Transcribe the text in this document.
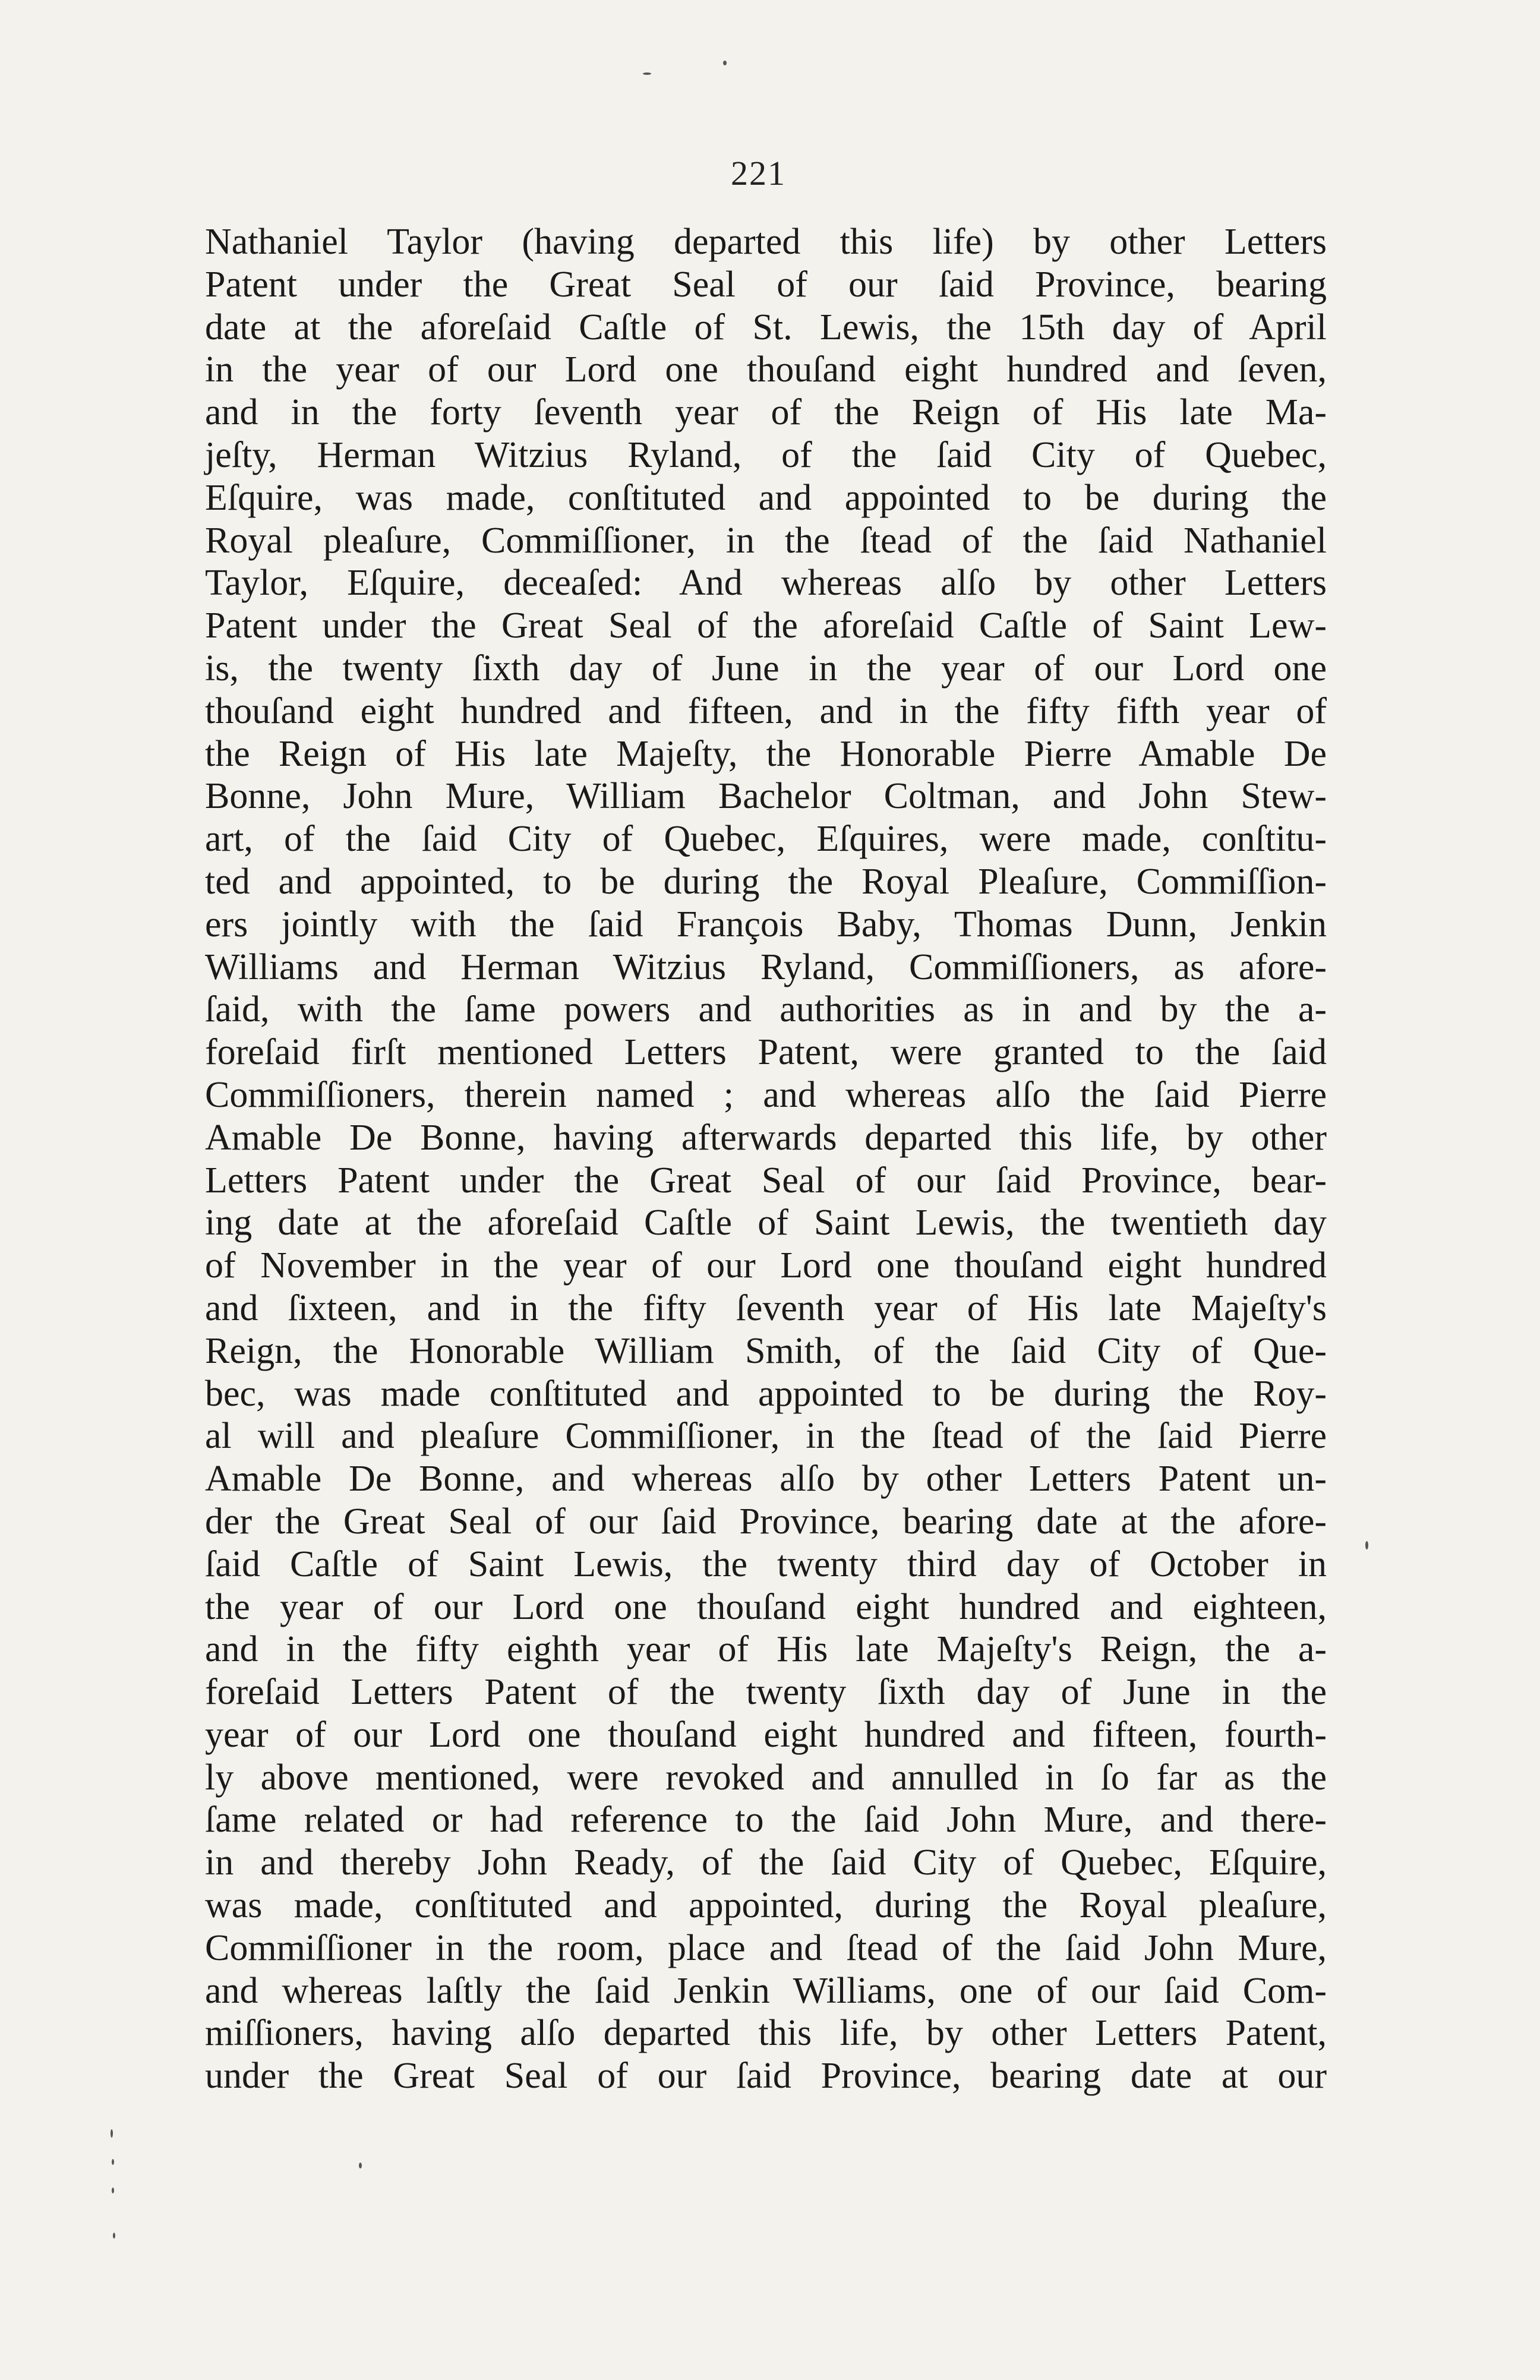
221
Nathaniel Taylor (having departed this life) by other Letters
Patent under the Great Seal of our ſaid Province, bearing
date at the aforeſaid Caſtle of St. Lewis, the 15th day of April
in the year of our Lord one thouſand eight hundred and ſeven,
and in the forty ſeventh year of the Reign of His late Ma-
jeſty, Herman Witzius Ryland, of the ſaid City of Quebec,
Eſquire, was made, conſtituted and appointed to be during the
Royal pleaſure, Commiſſioner, in the ſtead of the ſaid Nathaniel
Taylor, Eſquire, deceaſed: And whereas alſo by other Letters
Patent under the Great Seal of the aforeſaid Caſtle of Saint Lew-
is, the twenty ſixth day of June in the year of our Lord one
thouſand eight hundred and fifteen, and in the fifty fifth year of
the Reign of His late Majeſty, the Honorable Pierre Amable De
Bonne, John Mure, William Bachelor Coltman, and John Stew-
art, of the ſaid City of Quebec, Eſquires, were made, conſtitu-
ted and appointed, to be during the Royal Pleaſure, Commiſſion-
ers jointly with the ſaid François Baby, Thomas Dunn, Jenkin
Williams and Herman Witzius Ryland, Commiſſioners, as afore-
ſaid, with the ſame powers and authorities as in and by the a-
foreſaid firſt mentioned Letters Patent, were granted to the ſaid
Commiſſioners, therein named ; and whereas alſo the ſaid Pierre
Amable De Bonne, having afterwards departed this life, by other
Letters Patent under the Great Seal of our ſaid Province, bear-
ing date at the aforeſaid Caſtle of Saint Lewis, the twentieth day
of November in the year of our Lord one thouſand eight hundred
and ſixteen, and in the fifty ſeventh year of His late Majeſty's
Reign, the Honorable William Smith, of the ſaid City of Que-
bec, was made conſtituted and appointed to be during the Roy-
al will and pleaſure Commiſſioner, in the ſtead of the ſaid Pierre
Amable De Bonne, and whereas alſo by other Letters Patent un-
der the Great Seal of our ſaid Province, bearing date at the afore-
ſaid Caſtle of Saint Lewis, the twenty third day of October in
the year of our Lord one thouſand eight hundred and eighteen,
and in the fifty eighth year of His late Majeſty's Reign, the a-
foreſaid Letters Patent of the twenty ſixth day of June in the
year of our Lord one thouſand eight hundred and fifteen, fourth-
ly above mentioned, were revoked and annulled in ſo far as the
ſame related or had reference to the ſaid John Mure, and there-
in and thereby John Ready, of the ſaid City of Quebec, Eſquire,
was made, conſtituted and appointed, during the Royal pleaſure,
Commiſſioner in the room, place and ſtead of the ſaid John Mure,
and whereas laſtly the ſaid Jenkin Williams, one of our ſaid Com-
miſſioners, having alſo departed this life, by other Letters Patent,
under the Great Seal of our ſaid Province, bearing date at our
